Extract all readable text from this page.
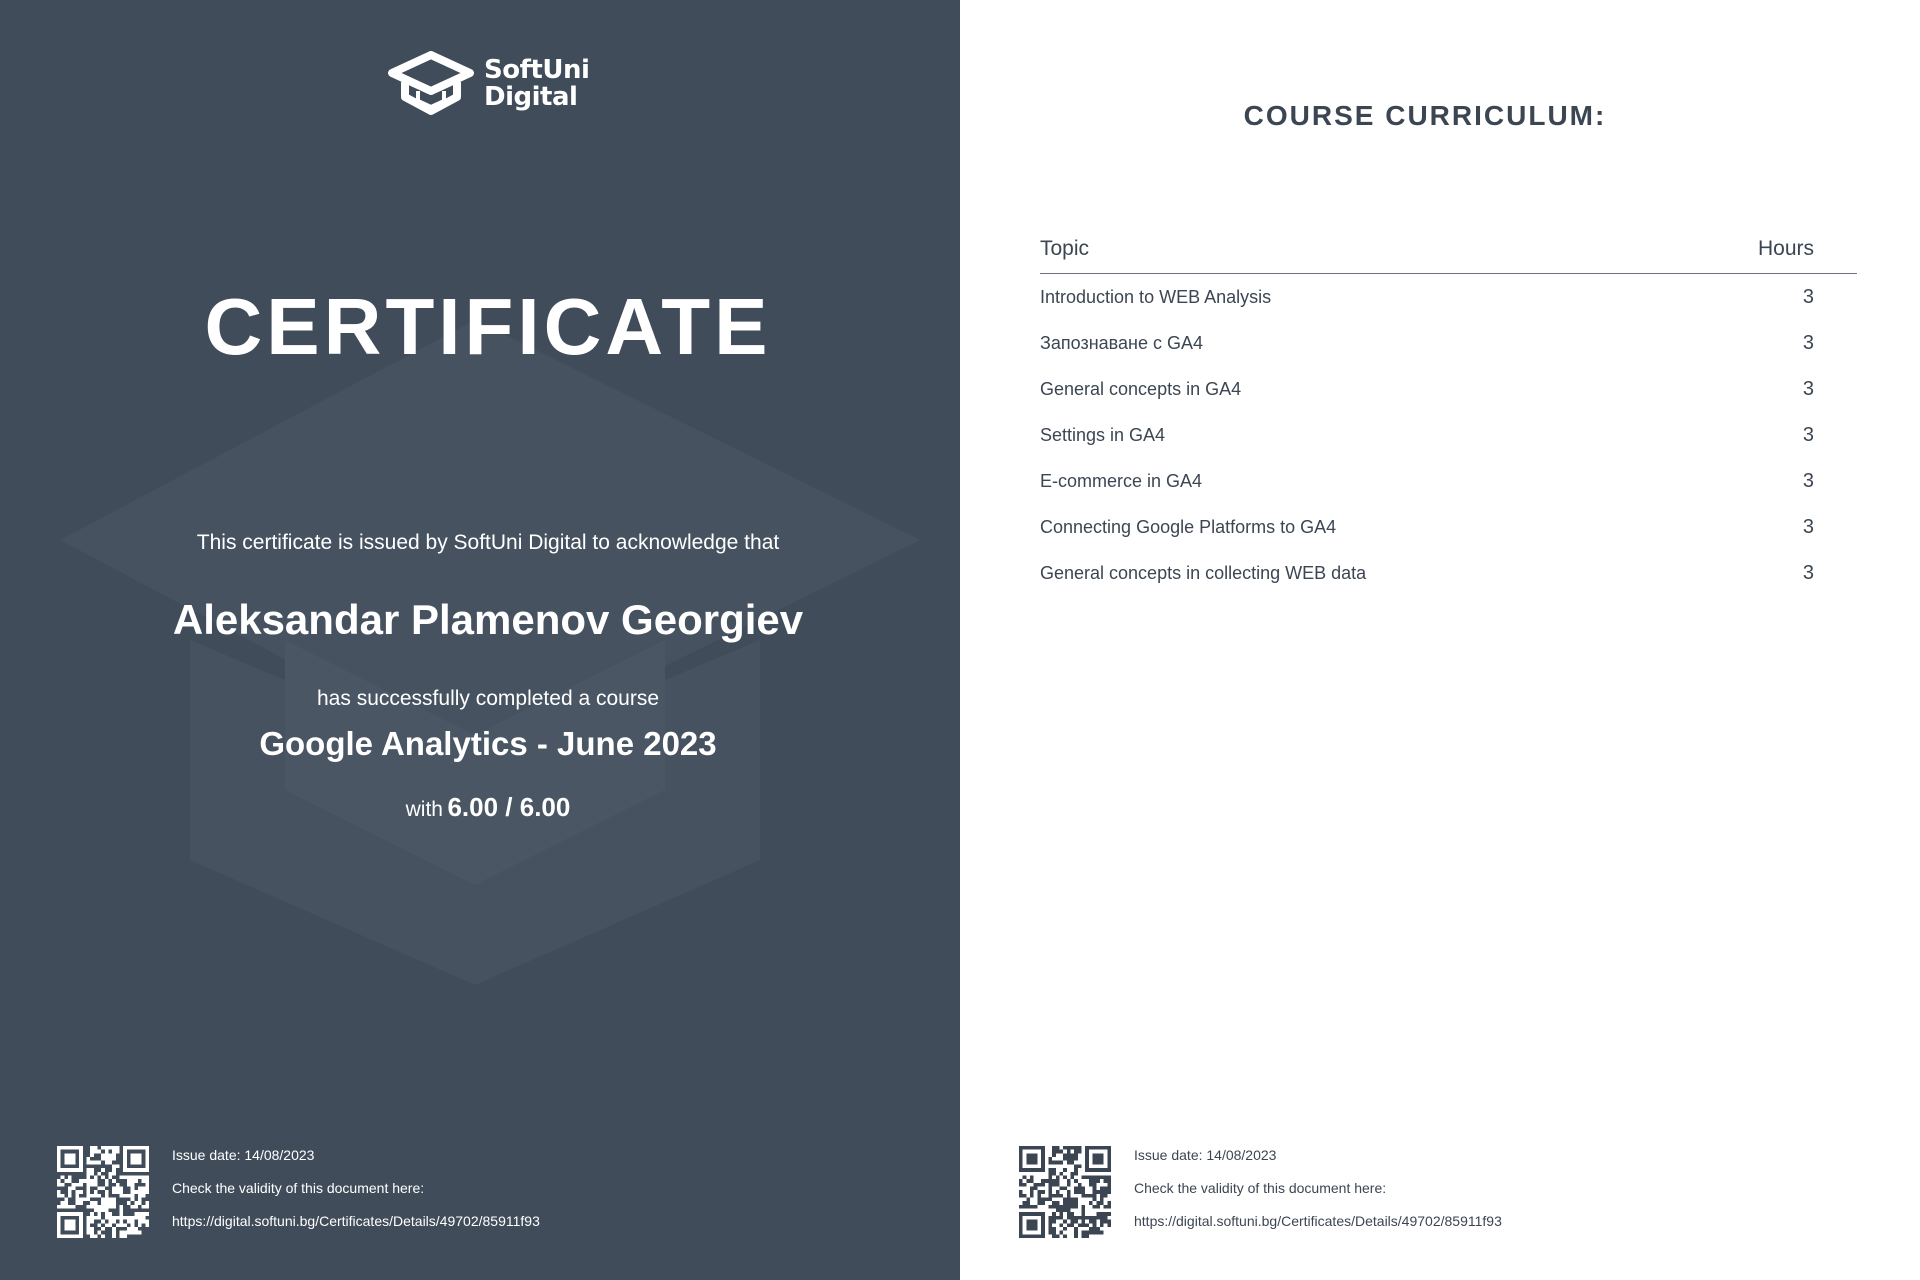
SoftUni
Digital
CERTIFICATE
This certificate is issued by SoftUni Digital to acknowledge that
Aleksandar Plamenov Georgiev
has successfully completed a course
Google Analytics - June 2023
with 6.00 / 6.00
Issue date: 14/08/2023
Check the validity of this document here:
https://digital.softuni.bg/Certificates/Details/49702/85911f93
COURSE CURRICULUM:
Topic	Hours
Introduction to WEB Analysis	3
Запознаване с GA4	3
General concepts in GA4	3
Settings in GA4	3
E-commerce in GA4	3
Connecting Google Platforms to GA4	3
General concepts in collecting WEB data	3
Issue date: 14/08/2023
Check the validity of this document here:
https://digital.softuni.bg/Certificates/Details/49702/85911f93
